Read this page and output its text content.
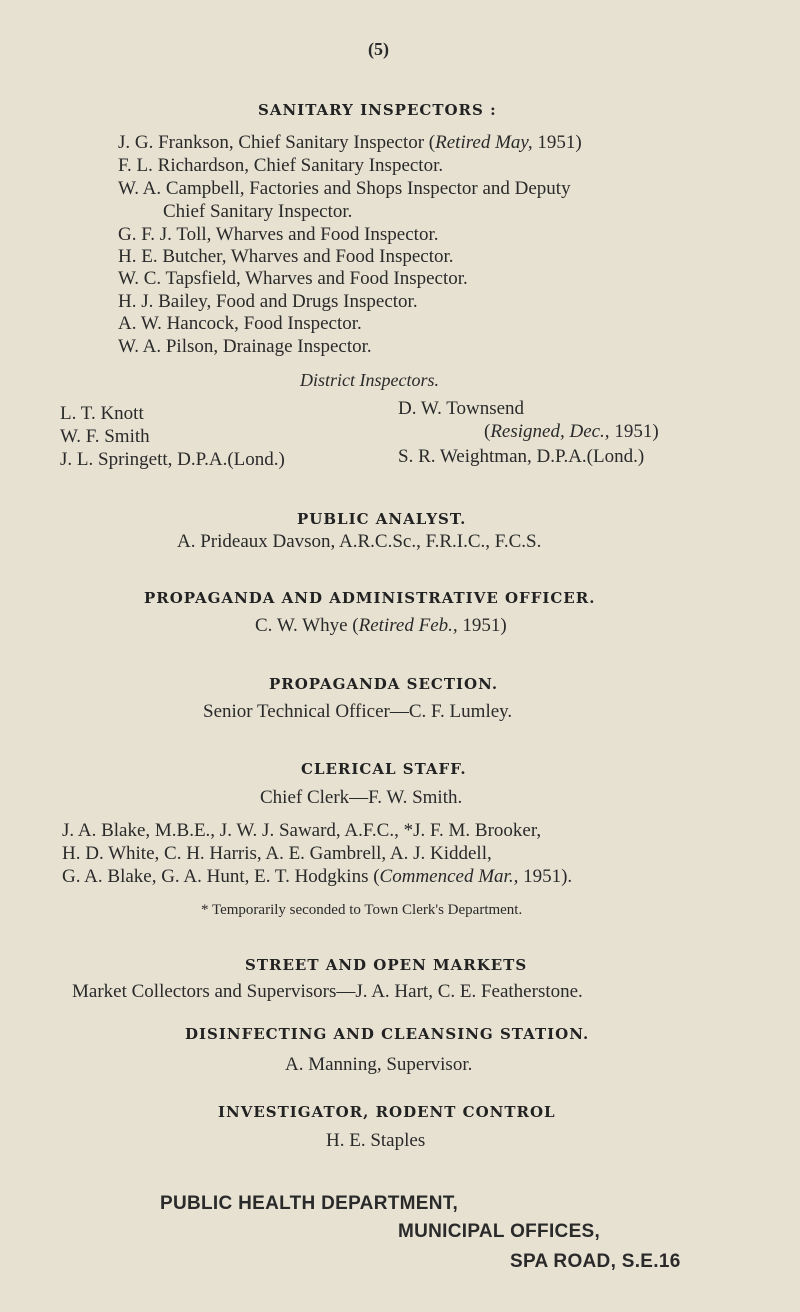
(5)
SANITARY INSPECTORS :
J. G. Frankson, Chief Sanitary Inspector (Retired May, 1951)
F. L. Richardson, Chief Sanitary Inspector.
W. A. Campbell, Factories and Shops Inspector and Deputy
Chief Sanitary Inspector.
G. F. J. Toll, Wharves and Food Inspector.
H. E. Butcher, Wharves and Food Inspector.
W. C. Tapsfield, Wharves and Food Inspector.
H. J. Bailey, Food and Drugs Inspector.
A. W. Hancock, Food Inspector.
W. A. Pilson, Drainage Inspector.
District Inspectors.
L. T. Knott
W. F. Smith
J. L. Springett, D.P.A.(Lond.)
D. W. Townsend
(Resigned, Dec., 1951)
S. R. Weightman, D.P.A.(Lond.)
PUBLIC ANALYST.
A. Prideaux Davson, A.R.C.Sc., F.R.I.C., F.C.S.
PROPAGANDA AND ADMINISTRATIVE OFFICER.
C. W. Whye (Retired Feb., 1951)
PROPAGANDA SECTION.
Senior Technical Officer—C. F. Lumley.
CLERICAL STAFF.
Chief Clerk—F. W. Smith.
J. A. Blake, M.B.E., J. W. J. Saward, A.F.C., *J. F. M. Brooker,
H. D. White, C. H. Harris, A. E. Gambrell, A. J. Kiddell,
G. A. Blake, G. A. Hunt, E. T. Hodgkins (Commenced Mar., 1951).
* Temporarily seconded to Town Clerk's Department.
STREET AND OPEN MARKETS
Market Collectors and Supervisors—J. A. Hart, C. E. Featherstone.
DISINFECTING AND CLEANSING STATION.
A. Manning, Supervisor.
INVESTIGATOR, RODENT CONTROL
H. E. Staples
PUBLIC HEALTH DEPARTMENT,
MUNICIPAL OFFICES,
SPA ROAD, S.E.16
